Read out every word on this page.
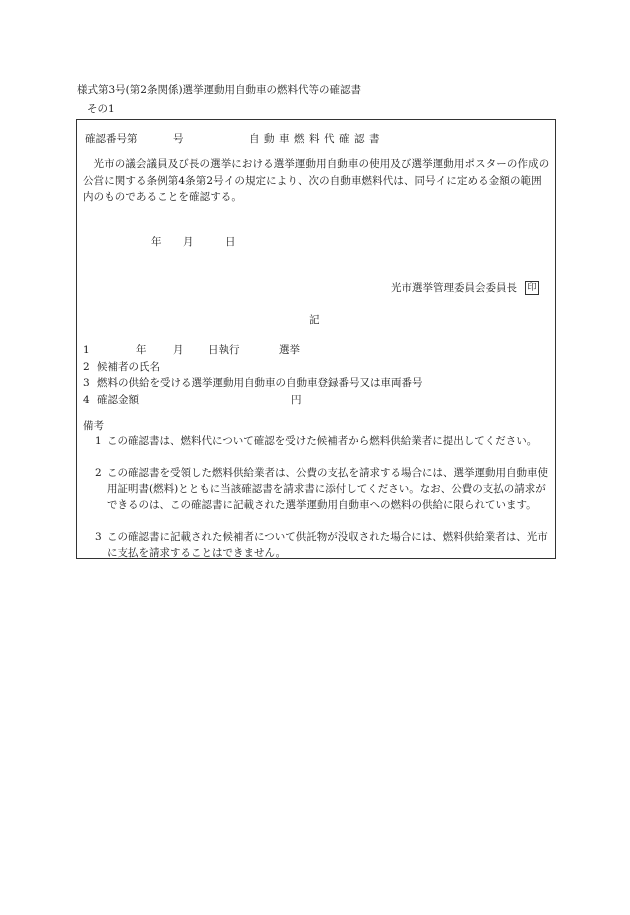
様式第3号(第2条関係)選挙運動用自動車の燃料代等の確認書
その1
確認番号第	号	自動車燃料代確認書
光市の議会議員及び長の選挙における選挙運動用自動車の使用及び選挙運動用ポスターの作成の公営に関する条例第4条第2号イの規定により、次の自動車燃料代は、同号イに定める金額の範囲内のものであることを確認する。
年 月	日
光市選挙管理委員会委員長 印
記
1	年	月 日執行	選挙
2 候補者の氏名
3 燃料の供給を受ける選挙運動用自動車の自動車登録番号又は車両番号
4 確認金額	円
備考
1 この確認書は、燃料代について確認を受けた候補者から燃料供給業者に提出してください。
2 この確認書を受領した燃料供給業者は、公費の支払を請求する場合には、選挙運動用自動車使用証明書(燃料)とともに当該確認書を請求書に添付してください。なお、公費の支払の請求ができるのは、この確認書に記載された選挙運動用自動車への燃料の供給に限られています。
3 この確認書に記載された候補者について供託物が没収された場合には、燃料供給業者は、光市に支払を請求することはできません。
